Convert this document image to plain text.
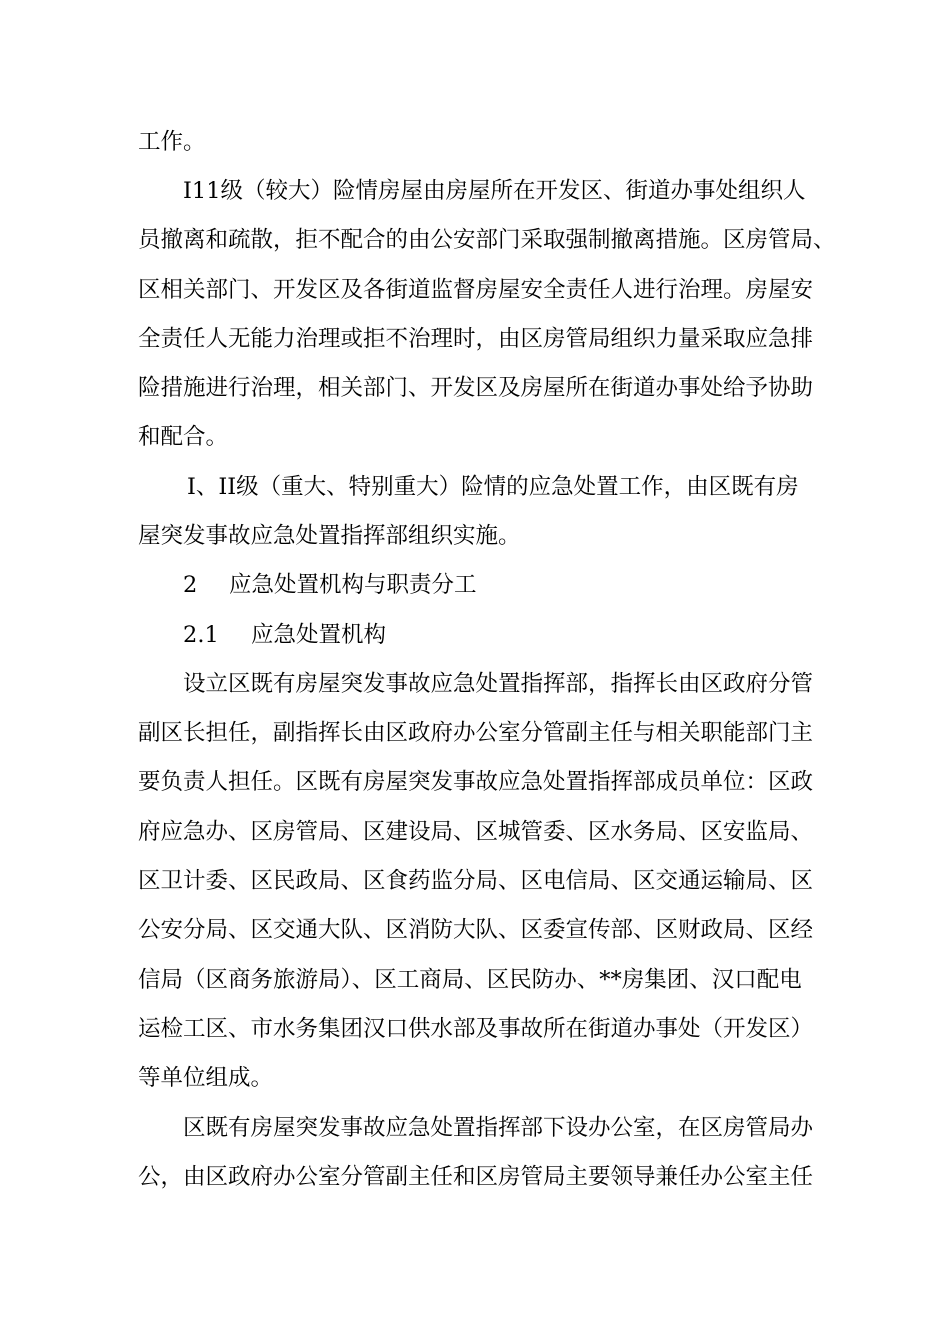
工作。
I11级（较大）险情房屋由房屋所在开发区、街道办事处组织人
员撤离和疏散，拒不配合的由公安部门采取强制撤离措施。区房管局、
区相关部门、开发区及各街道监督房屋安全责任人进行治理。房屋安
全责任人无能力治理或拒不治理时，由区房管局组织力量采取应急排
险措施进行治理，相关部门、开发区及房屋所在街道办事处给予协助
和配合。
I、II级（重大、特别重大）险情的应急处置工作，由区既有房
屋突发事故应急处置指挥部组织实施。
2 应急处置机构与职责分工
2.1 应急处置机构
设立区既有房屋突发事故应急处置指挥部，指挥长由区政府分管
副区长担任，副指挥长由区政府办公室分管副主任与相关职能部门主
要负责人担任。区既有房屋突发事故应急处置指挥部成员单位：区政
府应急办、区房管局、区建设局、区城管委、区水务局、区安监局、
区卫计委、区民政局、区食药监分局、区电信局、区交通运输局、区
公安分局、区交通大队、区消防大队、区委宣传部、区财政局、区经
信局（区商务旅游局）、区工商局、区民防办、**房集团、汉口配电
运检工区、市水务集团汉口供水部及事故所在街道办事处（开发区）
等单位组成。
区既有房屋突发事故应急处置指挥部下设办公室，在区房管局办
公，由区政府办公室分管副主任和区房管局主要领导兼任办公室主任
